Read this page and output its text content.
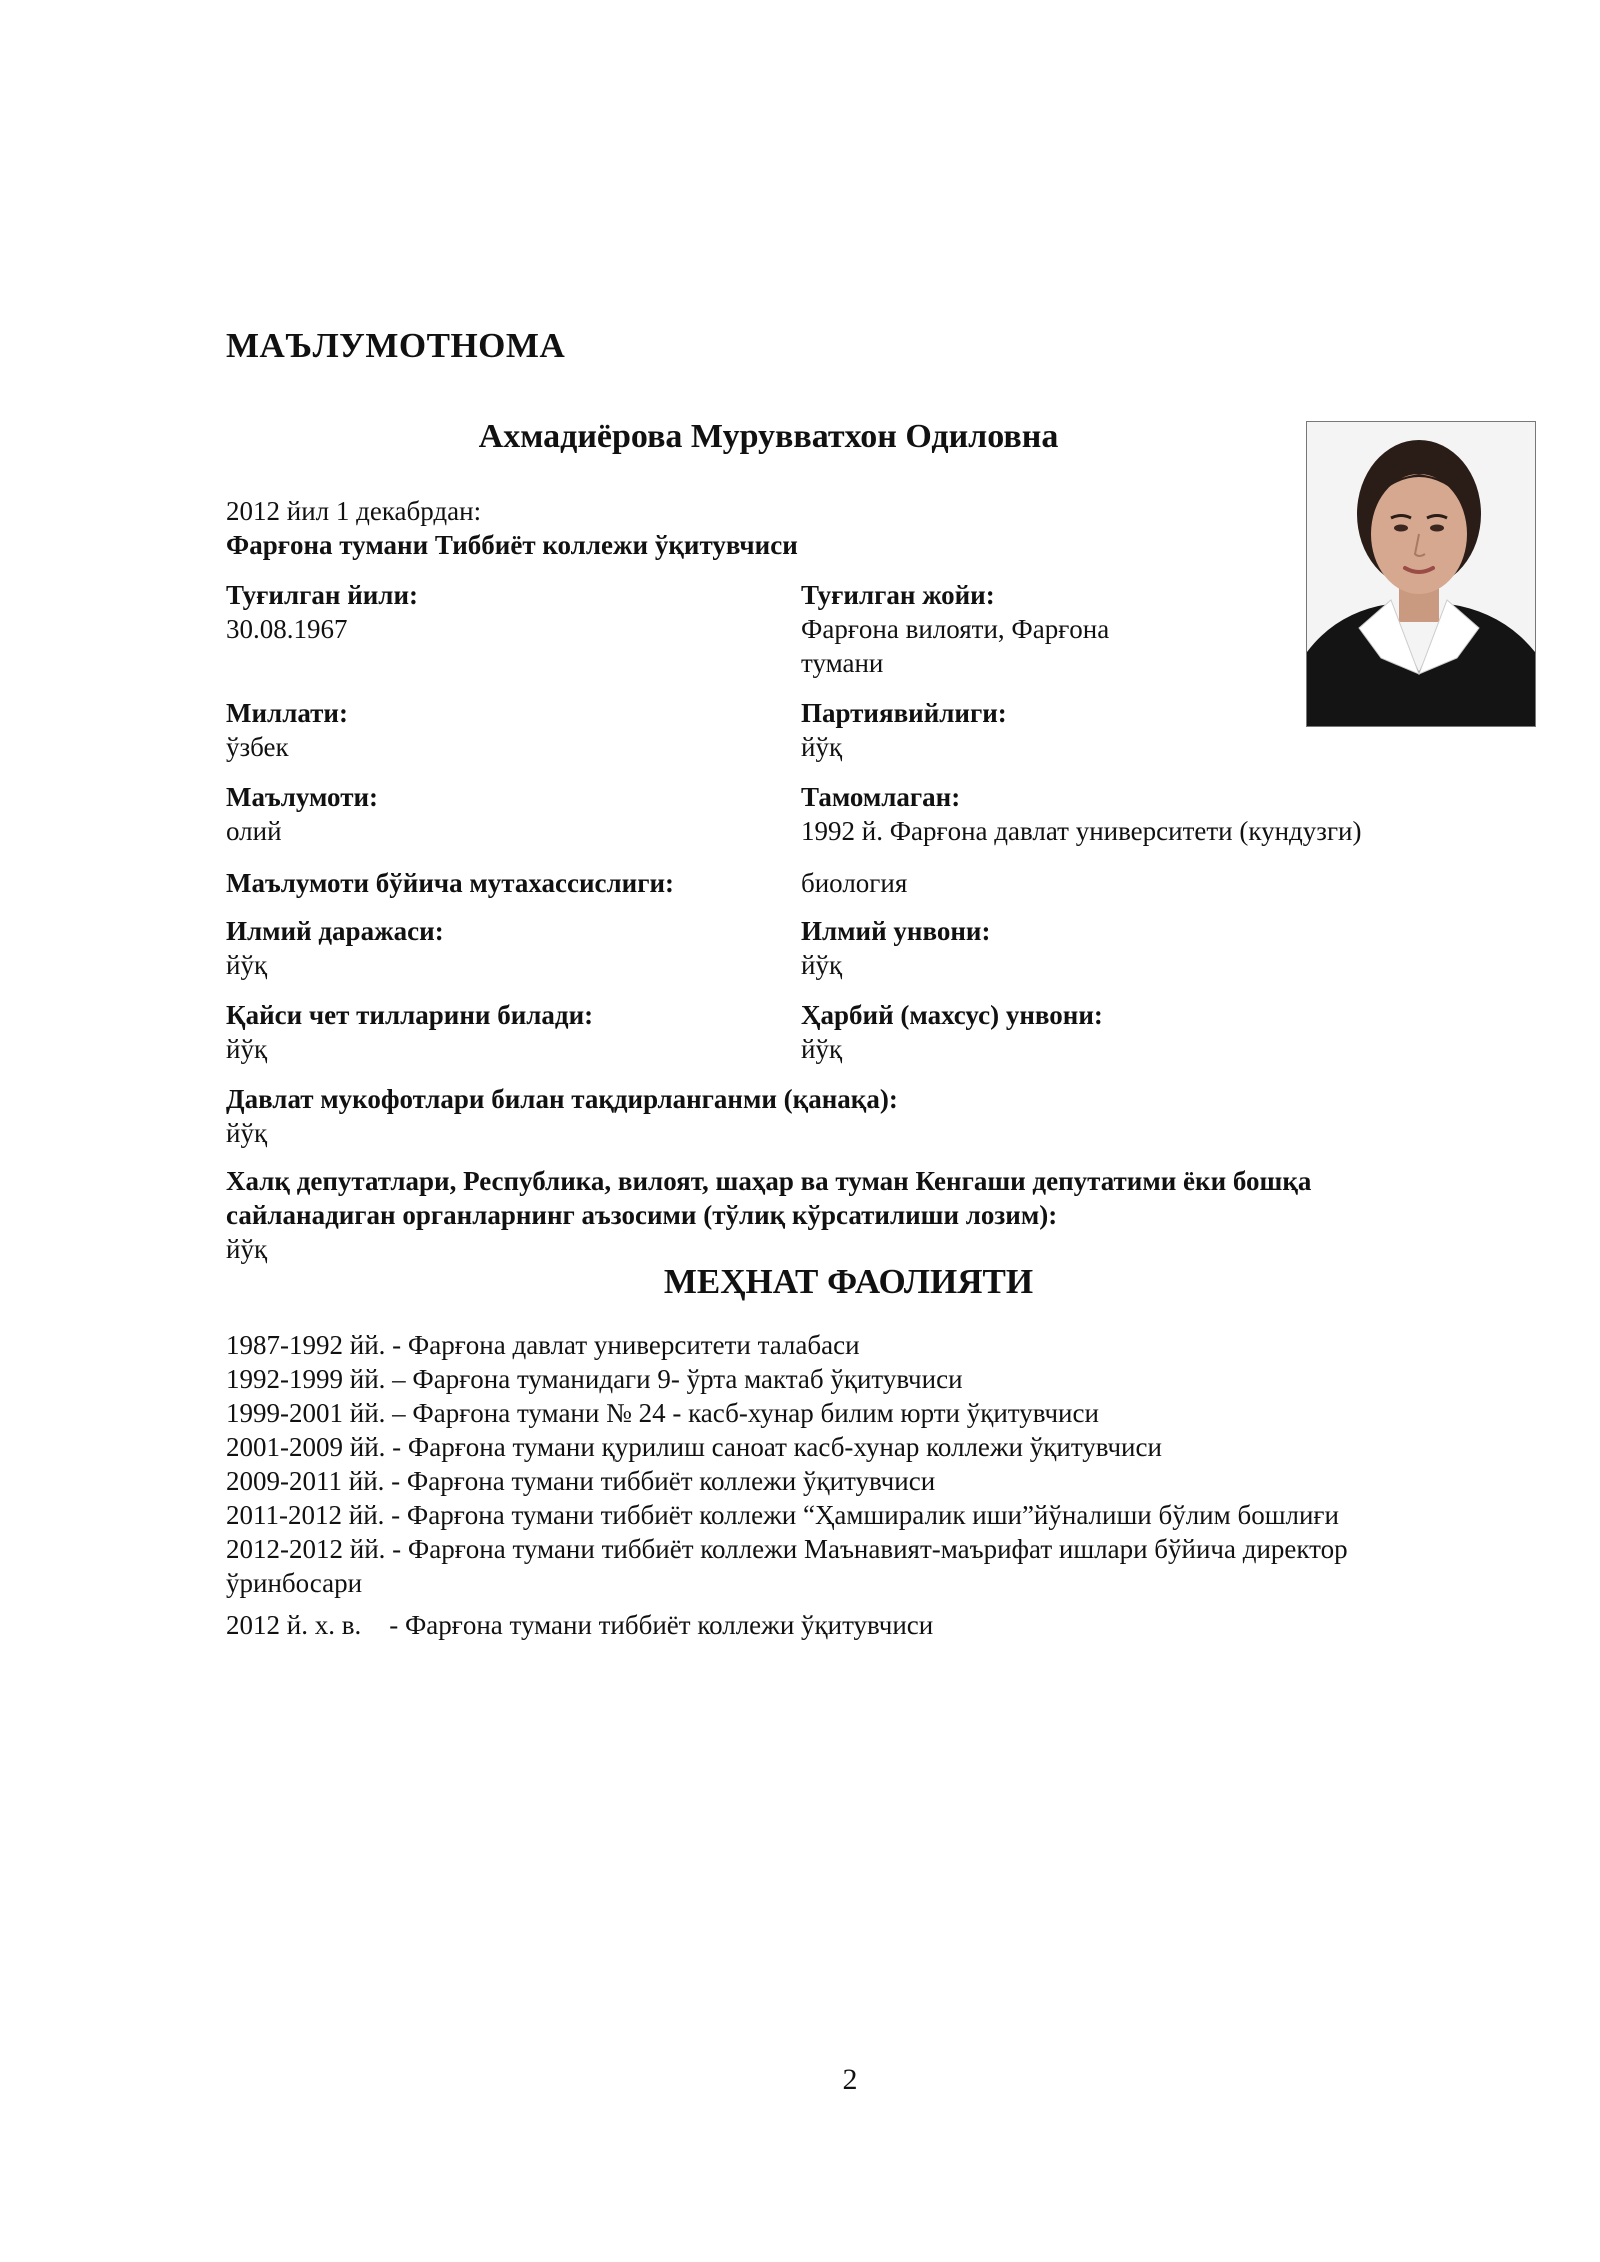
МАЪЛУМОТНОМА
Ахмадиёрова Мурувватхон Одиловна
2012 йил 1 декабрдан:
Фарғона тумани Тиббиёт коллежи ўқитувчиси
Туғилган йили:
30.08.1967
Туғилган жойи:
Фарғона вилояти, Фарғона
тумани
Миллати:
ўзбек
Партиявийлиги:
йўқ
Маълумоти:
олий
Тамомлаган:
1992 й. Фарғона давлат университети (кундузги)
Маълумоти бўйича мутахассислиги:	биология
Илмий даражаси:
йўқ
Илмий унвони:
йўқ
Қайси чет тилларини билади:
йўқ
Ҳарбий (махсус) унвони:
йўқ
Давлат мукофотлари билан тақдирланганми (қанақа):
йўқ
Халқ депутатлари, Республика, вилоят, шаҳар ва туман Кенгаши депутатими ёки бошқа
сайланадиган органларнинг аъзосими (тўлиқ кўрсатилиши лозим):
йўқ
МЕҲНАТ ФАОЛИЯТИ
1987-1992 йй. - Фарғона давлат университети талабаси
1992-1999 йй. – Фарғона туманидаги 9- ўрта мактаб ўқитувчиси
1999-2001 йй. – Фарғона тумани № 24 - касб-хунар билим юрти ўқитувчиси
2001-2009 йй. - Фарғона тумани қурилиш саноат касб-хунар коллежи ўқитувчиси
2009-2011 йй. - Фарғона тумани тиббиёт коллежи ўқитувчиси
2011-2012 йй. - Фарғона тумани тиббиёт коллежи “Ҳамширалик иши”йўналиши бўлим бошлиғи
2012-2012 йй. - Фарғона тумани тиббиёт коллежи Маънавият-маърифат ишлари бўйича директор ўринбосари
2012 й. х. в. - Фарғона тумани тиббиёт коллежи ўқитувчиси
2
